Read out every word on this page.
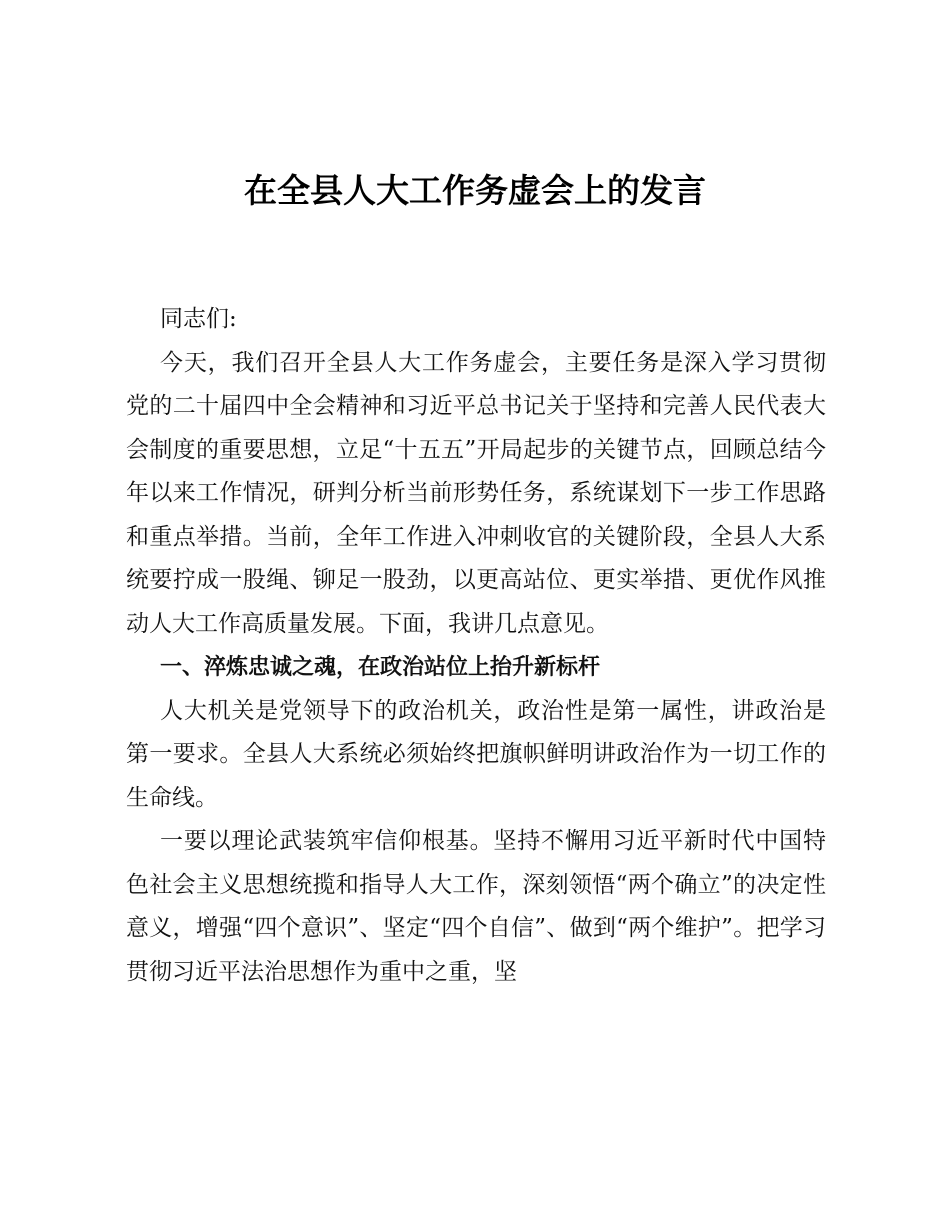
在全县人大工作务虚会上的发言

同志们:

今天，我们召开全县人大工作务虚会，主要任务是深入学习贯彻党的二十届四中全会精神和习近平总书记关于坚持和完善人民代表大会制度的重要思想，立足“十五五”开局起步的关键节点，回顾总结今年以来工作情况，研判分析当前形势任务，系统谋划下一步工作思路和重点举措。当前，全年工作进入冲刺收官的关键阶段，全县人大系统要拧成一股绳、铆足一股劲，以更高站位、更实举措、更优作风推动人大工作高质量发展。下面，我讲几点意见。

一、淬炼忠诚之魂，在政治站位上抬升新标杆

人大机关是党领导下的政治机关，政治性是第一属性，讲政治是第一要求。全县人大系统必须始终把旗帜鲜明讲政治作为一切工作的生命线。

一要以理论武装筑牢信仰根基。坚持不懈用习近平新时代中国特色社会主义思想统揽和指导人大工作，深刻领悟“两个确立”的决定性意义，增强“四个意识”、坚定“四个自信”、做到“两个维护”。把学习贯彻习近平法治思想作为重中之重，坚
